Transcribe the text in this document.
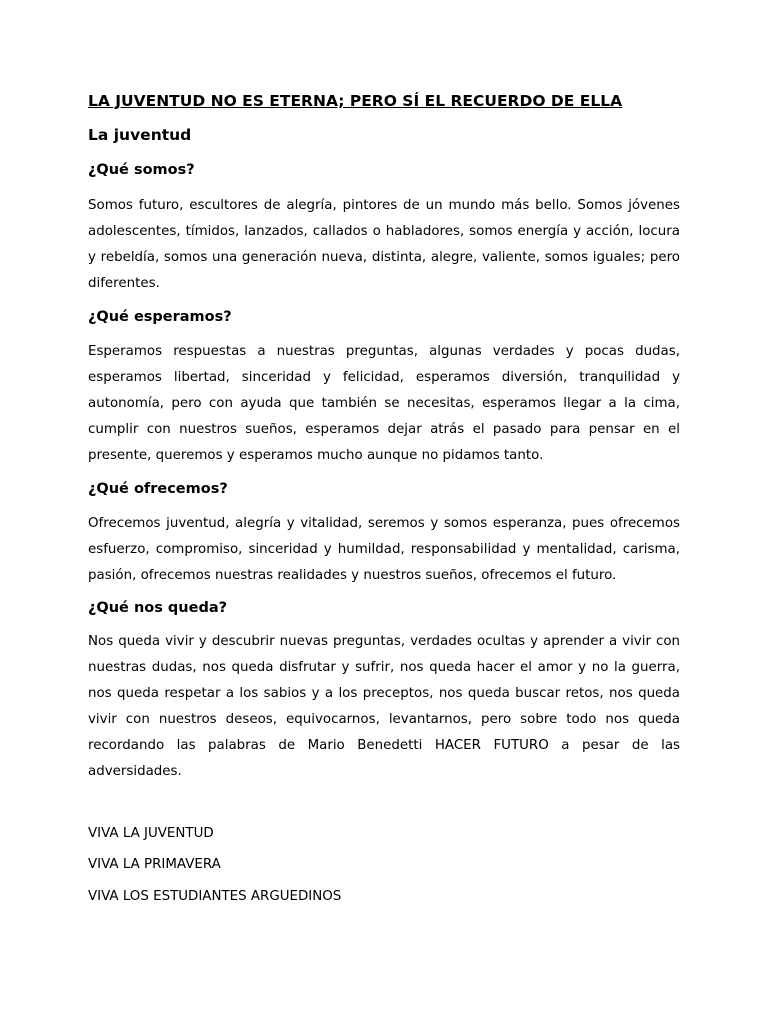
LA JUVENTUD NO ES ETERNA; PERO SÍ EL RECUERDO DE ELLA
La juventud
¿Qué somos?

Somos futuro, escultores de alegría, pintores de un mundo más bello. Somos jóvenes adolescentes, tímidos, lanzados, callados o habladores, somos energía y acción, locura y rebeldía, somos una generación nueva, distinta, alegre, valiente, somos iguales; pero diferentes.

¿Qué esperamos?

Esperamos respuestas a nuestras preguntas, algunas verdades y pocas dudas, esperamos libertad, sinceridad y felicidad, esperamos diversión, tranquilidad y autonomía, pero con ayuda que también se necesitas, esperamos llegar a la cima, cumplir con nuestros sueños, esperamos dejar atrás el pasado para pensar en el presente, queremos y esperamos mucho aunque no pidamos tanto.

¿Qué ofrecemos?

Ofrecemos juventud, alegría y vitalidad, seremos y somos esperanza, pues ofrecemos esfuerzo, compromiso, sinceridad y humildad, responsabilidad y mentalidad, carisma, pasión, ofrecemos nuestras realidades y nuestros sueños, ofrecemos el futuro.

¿Qué nos queda?

Nos queda vivir y descubrir nuevas preguntas, verdades ocultas y aprender a vivir con nuestras dudas, nos queda disfrutar y sufrir, nos queda hacer el amor y no la guerra, nos queda respetar a los sabios y a los preceptos, nos queda buscar retos, nos queda vivir con nuestros deseos, equivocarnos, levantarnos, pero sobre todo nos queda recordando las palabras de Mario Benedetti HACER FUTURO a pesar de las adversidades.

VIVA LA JUVENTUD

VIVA LA PRIMAVERA

VIVA LOS ESTUDIANTES ARGUEDINOS
